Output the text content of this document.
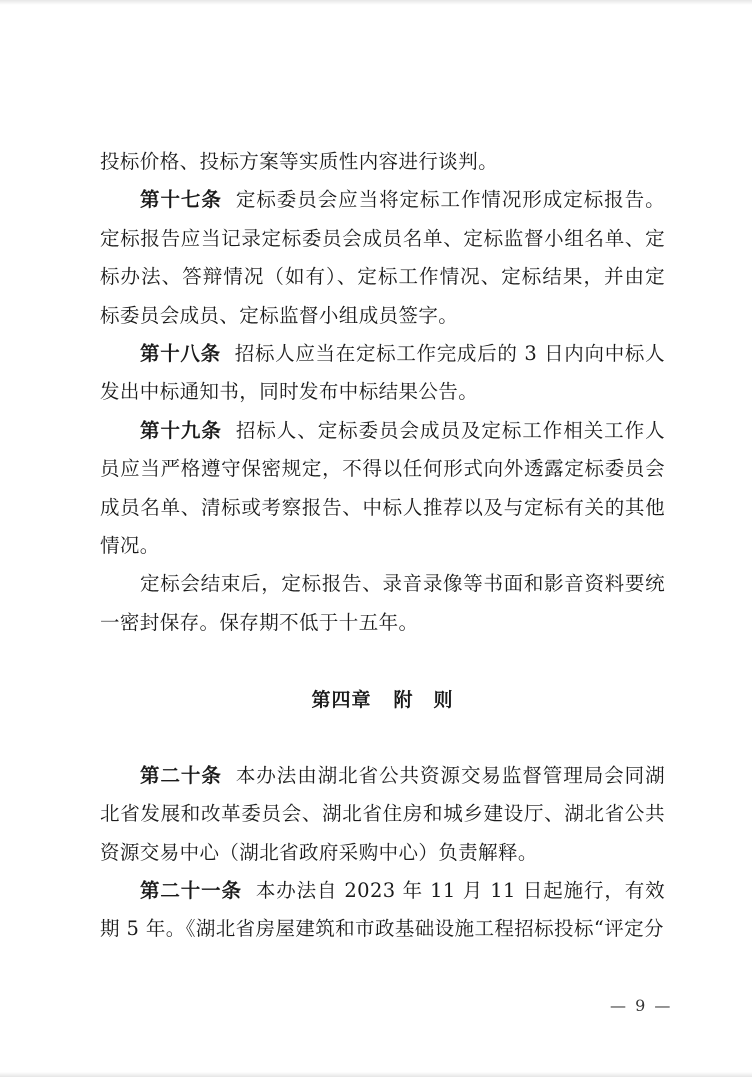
投标价格、投标方案等实质性内容进行谈判。

第十七条 定标委员会应当将定标工作情况形成定标报告。定标报告应当记录定标委员会成员名单、定标监督小组名单、定标办法、答辩情况（如有）、定标工作情况、定标结果，并由定标委员会成员、定标监督小组成员签字。

第十八条 招标人应当在定标工作完成后的 3 日内向中标人发出中标通知书，同时发布中标结果公告。

第十九条 招标人、定标委员会成员及定标工作相关工作人员应当严格遵守保密规定，不得以任何形式向外透露定标委员会成员名单、清标或考察报告、中标人推荐以及与定标有关的其他情况。

定标会结束后，定标报告、录音录像等书面和影音资料要统一密封保存。保存期不低于十五年。

第四章 附　则

第二十条 本办法由湖北省公共资源交易监督管理局会同湖北省发展和改革委员会、湖北省住房和城乡建设厅、湖北省公共资源交易中心（湖北省政府采购中心）负责解释。

第二十一条 本办法自 2023 年 11 月 11 日起施行，有效期 5 年。《湖北省房屋建筑和市政基础设施工程招标投标“评定分

— 9 —
